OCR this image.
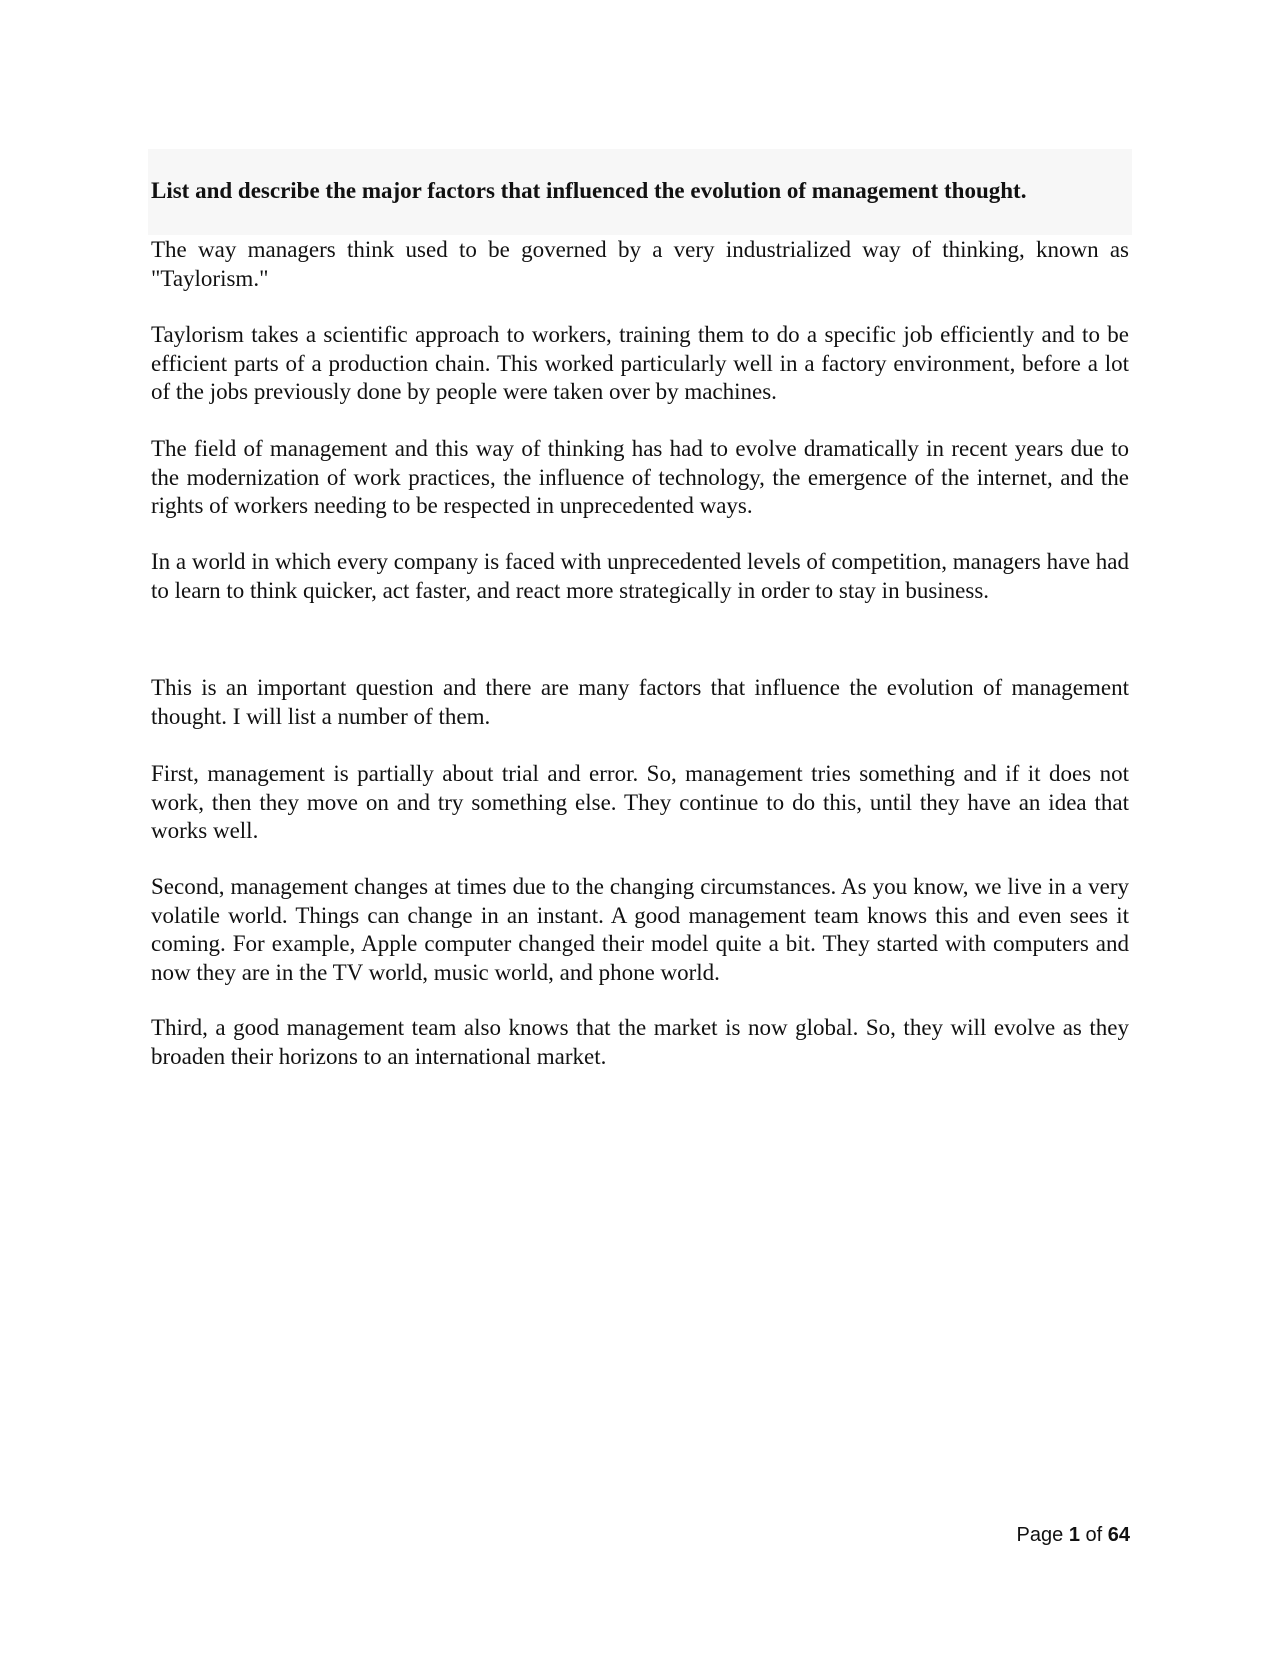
List and describe the major factors that influenced the evolution of management thought.

The way managers think used to be governed by a very industrialized way of thinking, known as "Taylorism."

Taylorism takes a scientific approach to workers, training them to do a specific job efficiently and to be efficient parts of a production chain. This worked particularly well in a factory environment, before a lot of the jobs previously done by people were taken over by machines.

The field of management and this way of thinking has had to evolve dramatically in recent years due to the modernization of work practices, the influence of technology, the emergence of the internet, and the rights of workers needing to be respected in unprecedented ways.

In a world in which every company is faced with unprecedented levels of competition, managers have had to learn to think quicker, act faster, and react more strategically in order to stay in business.

This is an important question and there are many factors that influence the evolution of management thought. I will list a number of them.

First, management is partially about trial and error. So, management tries something and if it does not work, then they move on and try something else. They continue to do this, until they have an idea that works well.

Second, management changes at times due to the changing circumstances. As you know, we live in a very volatile world. Things can change in an instant. A good management team knows this and even sees it coming. For example, Apple computer changed their model quite a bit. They started with computers and now they are in the TV world, music world, and phone world.

Third, a good management team also knows that the market is now global. So, they will evolve as they broaden their horizons to an international market.

Page 1 of 64
